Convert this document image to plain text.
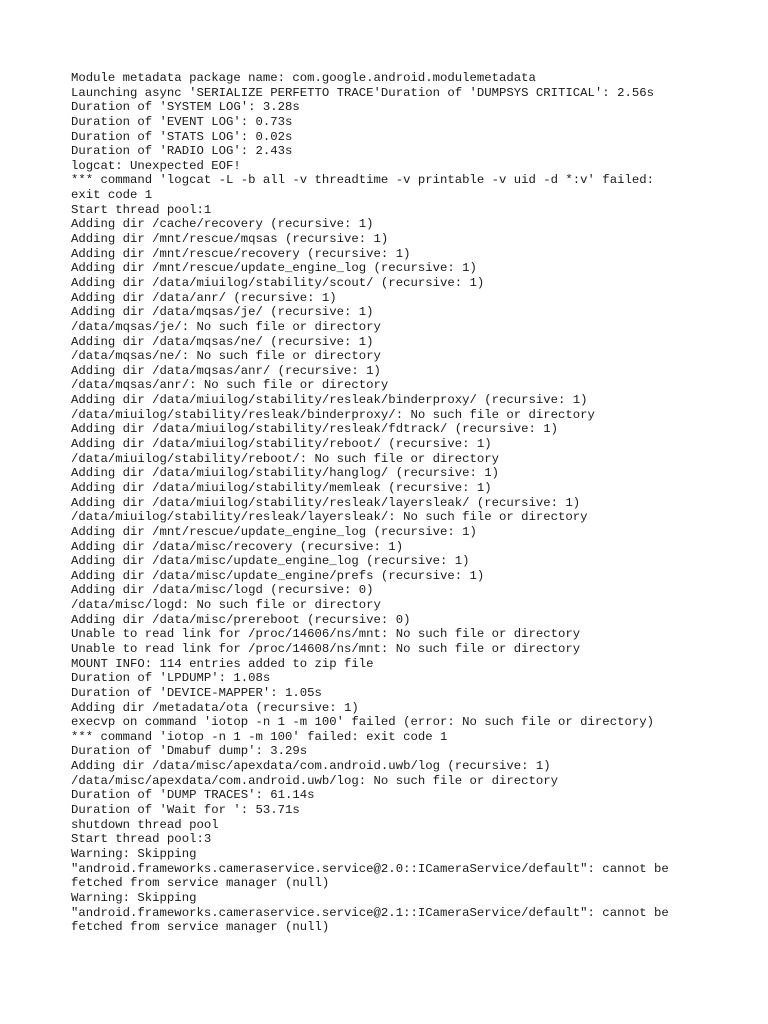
Module metadata package name: com.google.android.modulemetadata
Launching async 'SERIALIZE PERFETTO TRACE'Duration of 'DUMPSYS CRITICAL': 2.56s
Duration of 'SYSTEM LOG': 3.28s
Duration of 'EVENT LOG': 0.73s
Duration of 'STATS LOG': 0.02s
Duration of 'RADIO LOG': 2.43s
logcat: Unexpected EOF!
*** command 'logcat -L -b all -v threadtime -v printable -v uid -d *:v' failed:
exit code 1
Start thread pool:1
Adding dir /cache/recovery (recursive: 1)
Adding dir /mnt/rescue/mqsas (recursive: 1)
Adding dir /mnt/rescue/recovery (recursive: 1)
Adding dir /mnt/rescue/update_engine_log (recursive: 1)
Adding dir /data/miuilog/stability/scout/ (recursive: 1)
Adding dir /data/anr/ (recursive: 1)
Adding dir /data/mqsas/je/ (recursive: 1)
/data/mqsas/je/: No such file or directory
Adding dir /data/mqsas/ne/ (recursive: 1)
/data/mqsas/ne/: No such file or directory
Adding dir /data/mqsas/anr/ (recursive: 1)
/data/mqsas/anr/: No such file or directory
Adding dir /data/miuilog/stability/resleak/binderproxy/ (recursive: 1)
/data/miuilog/stability/resleak/binderproxy/: No such file or directory
Adding dir /data/miuilog/stability/resleak/fdtrack/ (recursive: 1)
Adding dir /data/miuilog/stability/reboot/ (recursive: 1)
/data/miuilog/stability/reboot/: No such file or directory
Adding dir /data/miuilog/stability/hanglog/ (recursive: 1)
Adding dir /data/miuilog/stability/memleak (recursive: 1)
Adding dir /data/miuilog/stability/resleak/layersleak/ (recursive: 1)
/data/miuilog/stability/resleak/layersleak/: No such file or directory
Adding dir /mnt/rescue/update_engine_log (recursive: 1)
Adding dir /data/misc/recovery (recursive: 1)
Adding dir /data/misc/update_engine_log (recursive: 1)
Adding dir /data/misc/update_engine/prefs (recursive: 1)
Adding dir /data/misc/logd (recursive: 0)
/data/misc/logd: No such file or directory
Adding dir /data/misc/prereboot (recursive: 0)
Unable to read link for /proc/14606/ns/mnt: No such file or directory
Unable to read link for /proc/14608/ns/mnt: No such file or directory
MOUNT INFO: 114 entries added to zip file
Duration of 'LPDUMP': 1.08s
Duration of 'DEVICE-MAPPER': 1.05s
Adding dir /metadata/ota (recursive: 1)
execvp on command 'iotop -n 1 -m 100' failed (error: No such file or directory)
*** command 'iotop -n 1 -m 100' failed: exit code 1
Duration of 'Dmabuf dump': 3.29s
Adding dir /data/misc/apexdata/com.android.uwb/log (recursive: 1)
/data/misc/apexdata/com.android.uwb/log: No such file or directory
Duration of 'DUMP TRACES': 61.14s
Duration of 'Wait for ': 53.71s
shutdown thread pool
Start thread pool:3
Warning: Skipping
"android.frameworks.cameraservice.service@2.0::ICameraService/default": cannot be
fetched from service manager (null)
Warning: Skipping
"android.frameworks.cameraservice.service@2.1::ICameraService/default": cannot be
fetched from service manager (null)
